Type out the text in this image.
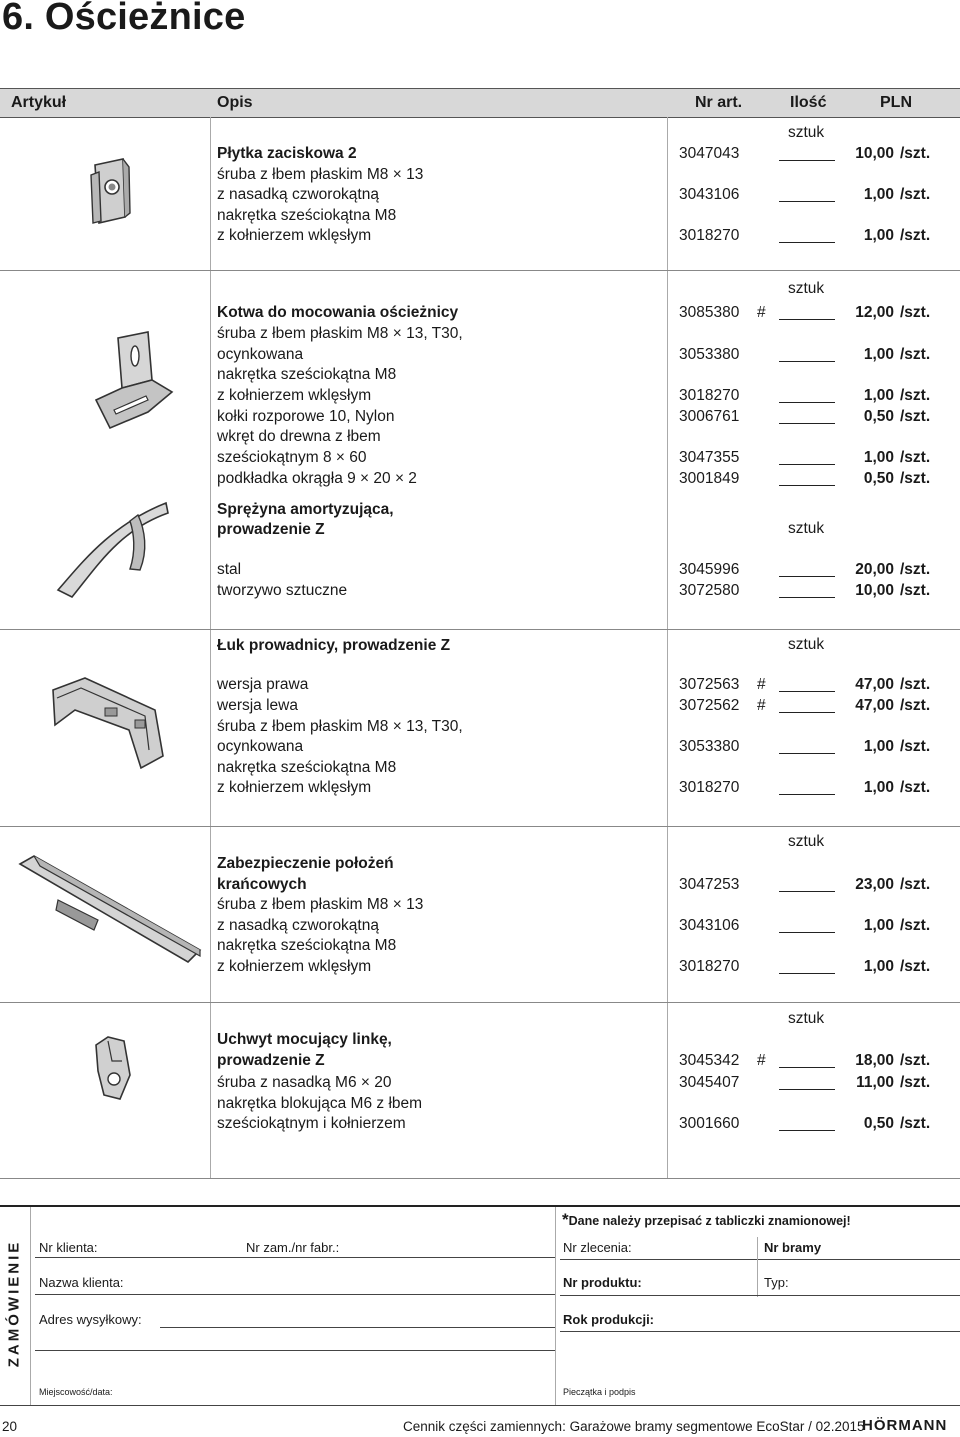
6. Ościeżnice
Artykuł	Opis	Nr art.	Ilość	PLN
sztuk
sztuk
sztuk
sztuk
sztuk
sztuk
Płytka zaciskowa 2	3047043	10,00 /szt.
śruba z łbem płaskim M8 × 13
z nasadką czworokątną	3043106	1,00 /szt.
nakrętka sześciokątna M8
z kołnierzem wklęsłym	3018270	1,00 /szt.
Kotwa do mocowania ościeżnicy	3085380 #	12,00 /szt.
śruba z łbem płaskim M8 × 13, T30,
ocynkowana	3053380	1,00 /szt.
nakrętka sześciokątna M8
z kołnierzem wklęsłym	3018270	1,00 /szt.
kołki rozporowe 10, Nylon	3006761	0,50 /szt.
wkręt do drewna z łbem
sześciokątnym 8 × 60	3047355	1,00 /szt.
podkładka okrągła 9 × 20 × 2	3001849	0,50 /szt.
Sprężyna amortyzująca,
prowadzenie Z
stal	3045996	20,00 /szt.
tworzywo sztuczne	3072580	10,00 /szt.
Łuk prowadnicy, prowadzenie Z
wersja prawa	3072563 #	47,00 /szt.
wersja lewa	3072562 #	47,00 /szt.
śruba z łbem płaskim M8 × 13, T30,
ocynkowana	3053380	1,00 /szt.
nakrętka sześciokątna M8
z kołnierzem wklęsłym	3018270	1,00 /szt.
Zabezpieczenie położeń
krańcowych	3047253	23,00 /szt.
śruba z łbem płaskim M8 × 13
z nasadką czworokątną	3043106	1,00 /szt.
nakrętka sześciokątna M8
z kołnierzem wklęsłym	3018270	1,00 /szt.
Uchwyt mocujący linkę,
prowadzenie Z	3045342 #	18,00 /szt.
śruba z nasadką M6 × 20	3045407	11,00 /szt.
nakrętka blokująca M6 z łbem
sześciokątnym i kołnierzem	3001660	0,50 /szt.
ZAMÓWIENIE
*Dane należy przepisać z tabliczki znamionowej!
Nr klienta:	Nr zam./nr fabr.:	Nr zlecenia:	Nr bramy
Nazwa klienta:	Nr produktu:	Typ:
Adres wysyłkowy:	Rok produkcji:
Miejscowość/data:	Pieczątka i podpis
20	Cennik części zamiennych: Garażowe bramy segmentowe EcoStar / 02.2015
HÖRMANN
